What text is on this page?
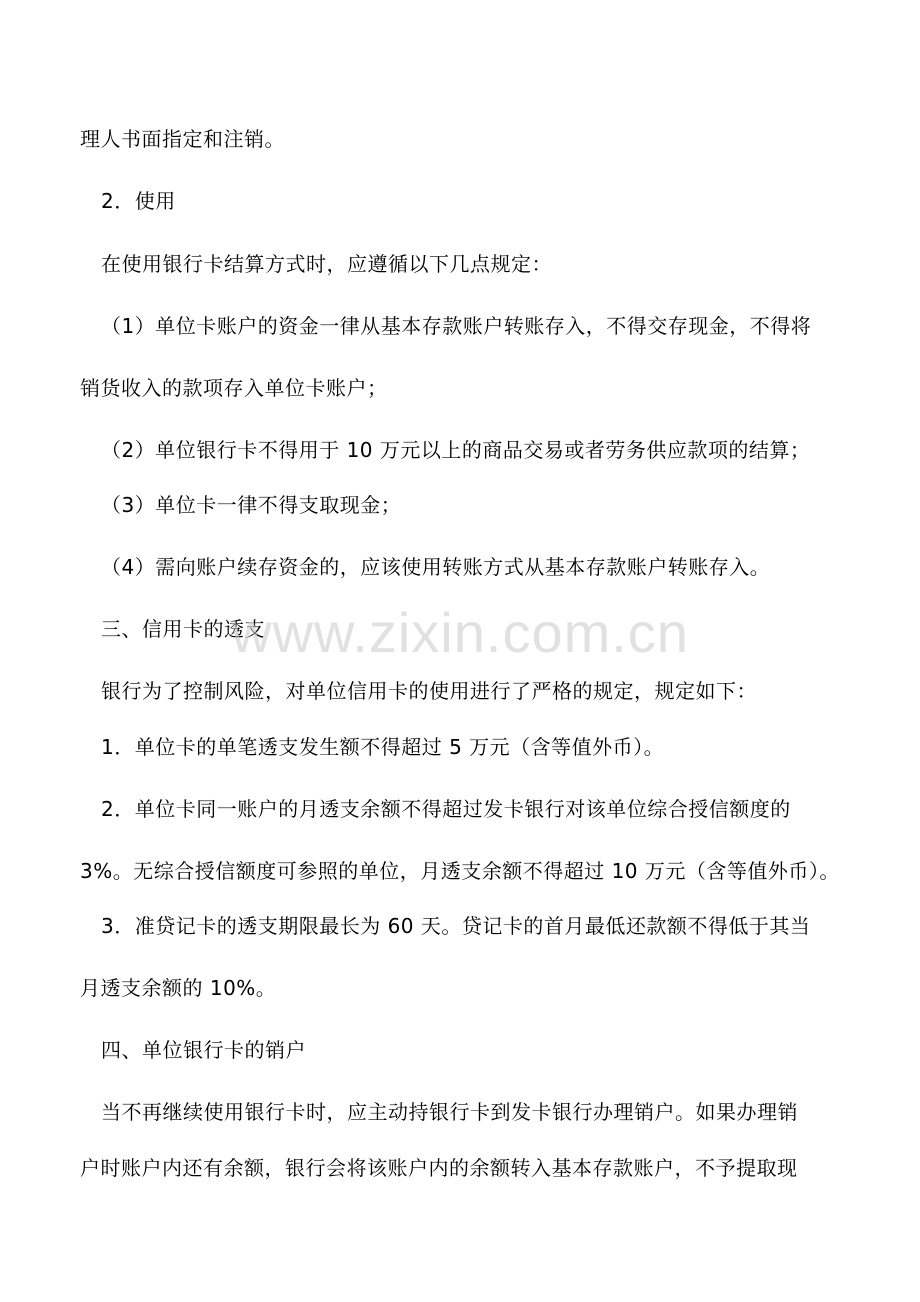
理人书面指定和注销。
2．使用
在使用银行卡结算方式时，应遵循以下几点规定：
（1）单位卡账户的资金一律从基本存款账户转账存入，不得交存现金，不得将
销货收入的款项存入单位卡账户；
（2）单位银行卡不得用于 10 万元以上的商品交易或者劳务供应款项的结算；
（3）单位卡一律不得支取现金；
（4）需向账户续存资金的，应该使用转账方式从基本存款账户转账存入。
三、信用卡的透支
银行为了控制风险，对单位信用卡的使用进行了严格的规定，规定如下：
1．单位卡的单笔透支发生额不得超过 5 万元（含等值外币）。
2．单位卡同一账户的月透支余额不得超过发卡银行对该单位综合授信额度的
3%。无综合授信额度可参照的单位，月透支余额不得超过 10 万元（含等值外币）。
3．准贷记卡的透支期限最长为 60 天。贷记卡的首月最低还款额不得低于其当
月透支余额的 10%。
四、单位银行卡的销户
当不再继续使用银行卡时，应主动持银行卡到发卡银行办理销户。如果办理销
户时账户内还有余额，银行会将该账户内的余额转入基本存款账户，不予提取现
www.zixin.com.cn
